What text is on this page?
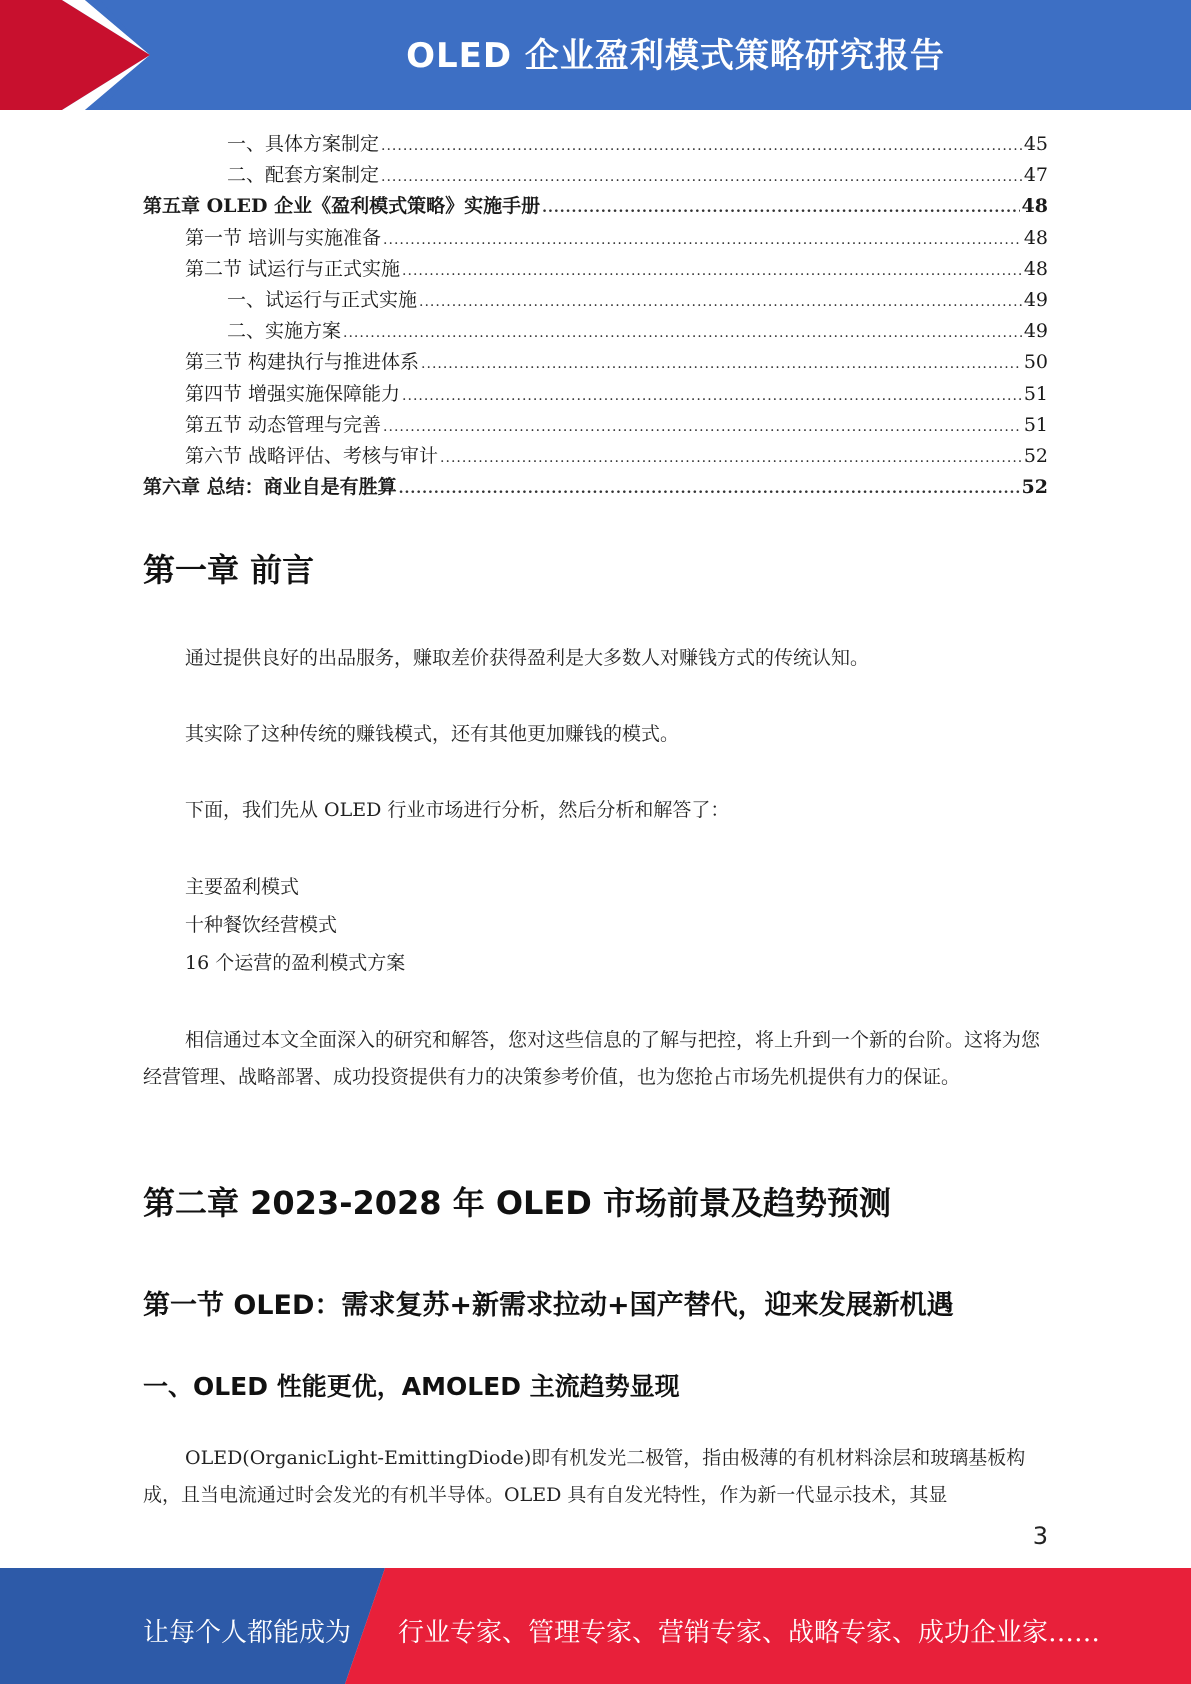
OLED 企业盈利模式策略研究报告
一、具体方案制定 .....	45
二、配套方案制定 .....	47
第五章 OLED 企业《盈利模式策略》实施手册 .....	48
第一节 培训与实施准备 .....	48
第二节 试运行与正式实施 .....	48
一、试运行与正式实施 .....	49
二、实施方案 .....	49
第三节 构建执行与推进体系 .....	50
第四节 增强实施保障能力 .....	51
第五节 动态管理与完善 .....	51
第六节 战略评估、考核与审计 .....	52
第六章 总结：商业自是有胜算 .....	52
第一章 前言

通过提供良好的出品服务，赚取差价获得盈利是大多数人对赚钱方式的传统认知。

其实除了这种传统的赚钱模式，还有其他更加赚钱的模式。

下面，我们先从 OLED 行业市场进行分析，然后分析和解答了：

主要盈利模式
十种餐饮经营模式
16 个运营的盈利模式方案

相信通过本文全面深入的研究和解答，您对这些信息的了解与把控，将上升到一个新的台阶。这将为您经营管理、战略部署、成功投资提供有力的决策参考价值，也为您抢占市场先机提供有力的保证。

第二章 2023-2028 年 OLED 市场前景及趋势预测
第一节 OLED：需求复苏+新需求拉动+国产替代，迎来发展新机遇
一、OLED 性能更优，AMOLED 主流趋势显现

OLED(OrganicLight-EmittingDiode)即有机发光二极管，指由极薄的有机材料涂层和玻璃基板构成，且当电流通过时会发光的有机半导体。OLED 具有自发光特性，作为新一代显示技术，其显

3
让每个人都能成为 行业专家、管理专家、营销专家、战略专家、成功企业家……
